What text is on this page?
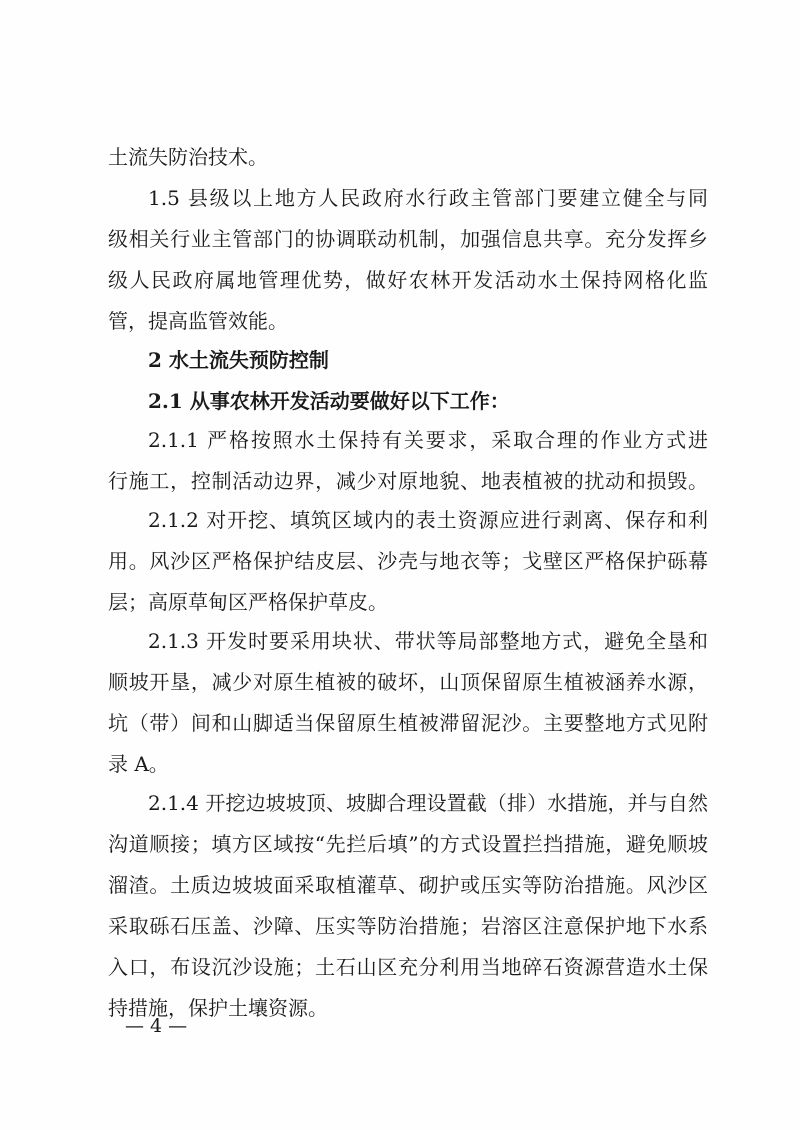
土流失防治技术。

1.5 县级以上地方人民政府水行政主管部门要建立健全与同

级相关行业主管部门的协调联动机制，加强信息共享。充分发挥乡

级人民政府属地管理优势，做好农林开发活动水土保持网格化监

管，提高监管效能。

2 水土流失预防控制

2.1 从事农林开发活动要做好以下工作：

2.1.1 严格按照水土保持有关要求，采取合理的作业方式进

行施工，控制活动边界，减少对原地貌、地表植被的扰动和损毁。

2.1.2 对开挖、填筑区域内的表土资源应进行剥离、保存和利

用。风沙区严格保护结皮层、沙壳与地衣等；戈壁区严格保护砾幕

层；高原草甸区严格保护草皮。

2.1.3 开发时要采用块状、带状等局部整地方式，避免全垦和

顺坡开垦，减少对原生植被的破坏，山顶保留原生植被涵养水源，

坑（带）间和山脚适当保留原生植被滞留泥沙。主要整地方式见附

录 A。

2.1.4 开挖边坡坡顶、坡脚合理设置截（排）水措施，并与自然

沟道顺接；填方区域按“先拦后填”的方式设置拦挡措施，避免顺坡

溜渣。土质边坡坡面采取植灌草、砌护或压实等防治措施。风沙区

采取砾石压盖、沙障、压实等防治措施；岩溶区注意保护地下水系

入口，布设沉沙设施；土石山区充分利用当地碎石资源营造水土保

持措施，保护土壤资源。

— 4 —
